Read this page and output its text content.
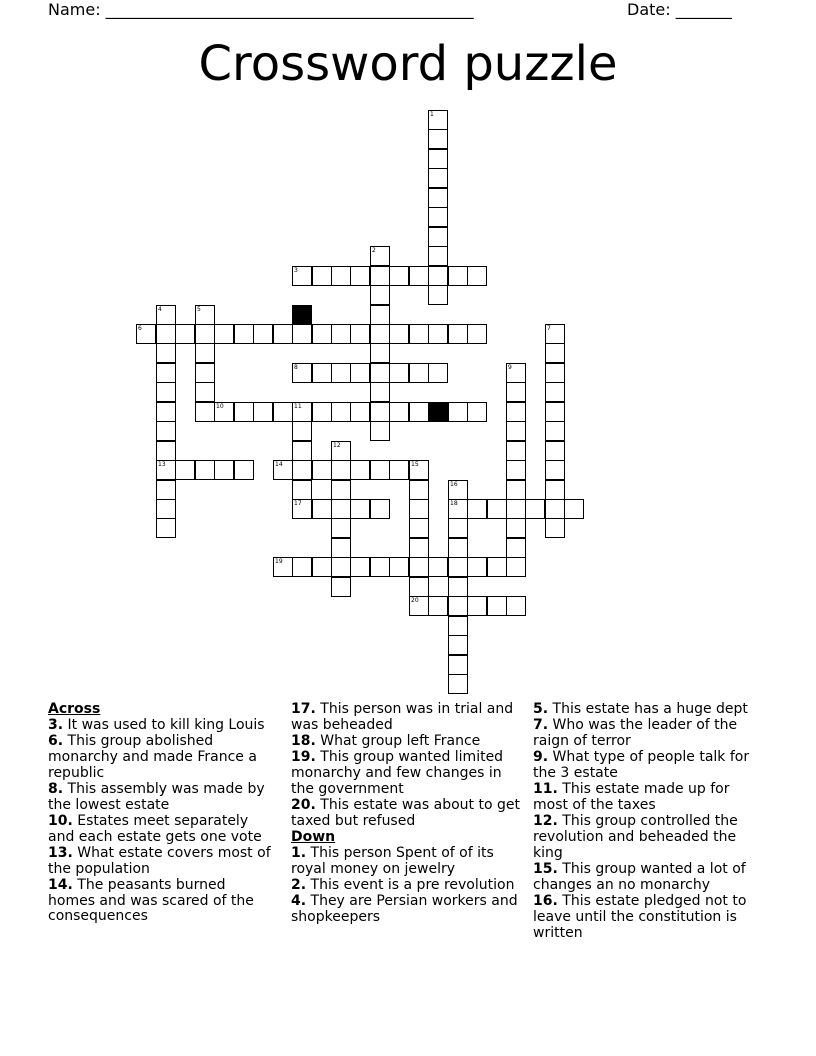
Name: ______________________________________________	Date: _______
Crossword puzzle
3
6
8
10	11
13	14
17	18
19
20
1
2
4	5
7
9
12
15
16
Across
3. It was used to kill king Louis
6. This group abolished monarchy and made France a republic
8. This assembly was made by the lowest estate
10. Estates meet separately and each estate gets one vote
13. What estate covers most of the population
14. The peasants burned homes and was scared of the consequences
17. This person was in trial and was beheaded
18. What group left France
19. This group wanted limited monarchy and few changes in the government
20. This estate was about to get taxed but refused
Down
1. This person Spent of of its royal money on jewelry
2. This event is a pre revolution
4. They are Persian workers and shopkeepers
5. This estate has a huge dept
7. Who was the leader of the raign of terror
9. What type of people talk for the 3 estate
11. This estate made up for most of the taxes
12. This group controlled the revolution and beheaded the king
15. This group wanted a lot of changes an no monarchy
16. This estate pledged not to leave until the constitution is written
